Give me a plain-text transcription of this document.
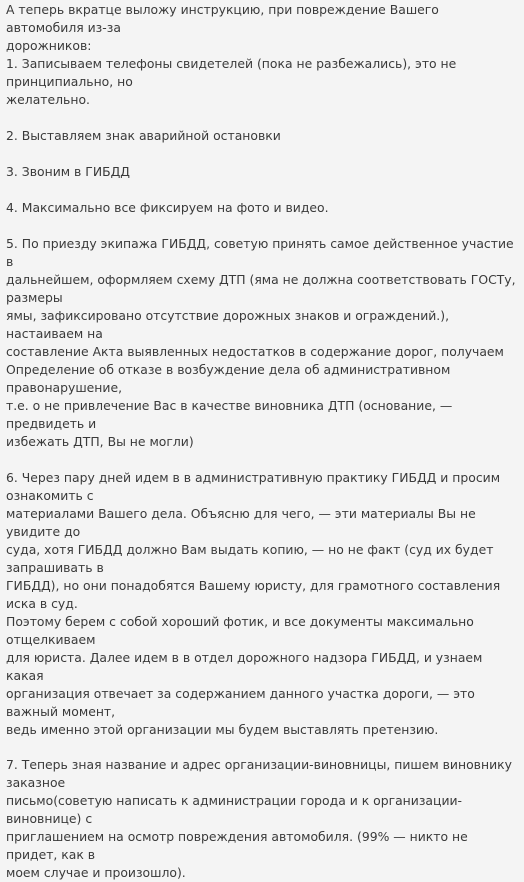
А теперь вкратце выложу инструкцию, при повреждение Вашего автомобиля из-за
дорожников:
1. Записываем телефоны свидетелей (пока не разбежались), это не принципиально, но
желательно.

2. Выставляем знак аварийной остановки

3. Звоним в ГИБДД

4. Максимально все фиксируем на фото и видео.

5. По приезду экипажа ГИБДД, советую принять самое действенное участие в
дальнейшем, оформляем схему ДТП (яма не должна соответствовать ГОСТу, размеры
ямы, зафиксировано отсутствие дорожных знаков и ограждений.), настаиваем на
составление Акта выявленных недостатков в содержание дорог, получаем
Определение об отказе в возбуждение дела об административном правонарушение,
т.е. о не привлечение Вас в качестве виновника ДТП (основание, — предвидеть и
избежать ДТП, Вы не могли)

6. Через пару дней идем в в административную практику ГИБДД и просим ознакомить с
материалами Вашего дела. Объясню для чего, — эти материалы Вы не увидите до
суда, хотя ГИБДД должно Вам выдать копию, — но не факт (суд их будет запрашивать в
ГИБДД), но они понадобятся Вашему юристу, для грамотного составления иска в суд.
Поэтому берем с собой хороший фотик, и все документы максимально отщелкиваем
для юриста. Далее идем в в отдел дорожного надзора ГИБДД, и узнаем какая
организация отвечает за содержанием данного участка дороги, — это важный момент,
ведь именно этой организации мы будем выставлять претензию.

7. Теперь зная название и адрес организации-виновницы, пишем виновнику заказное
письмо(советую написать к администрации города и к организации-виновнице) с
приглашением на осмотр повреждения автомобиля. (99% — никто не придет, как в
моем случае и произошло).
